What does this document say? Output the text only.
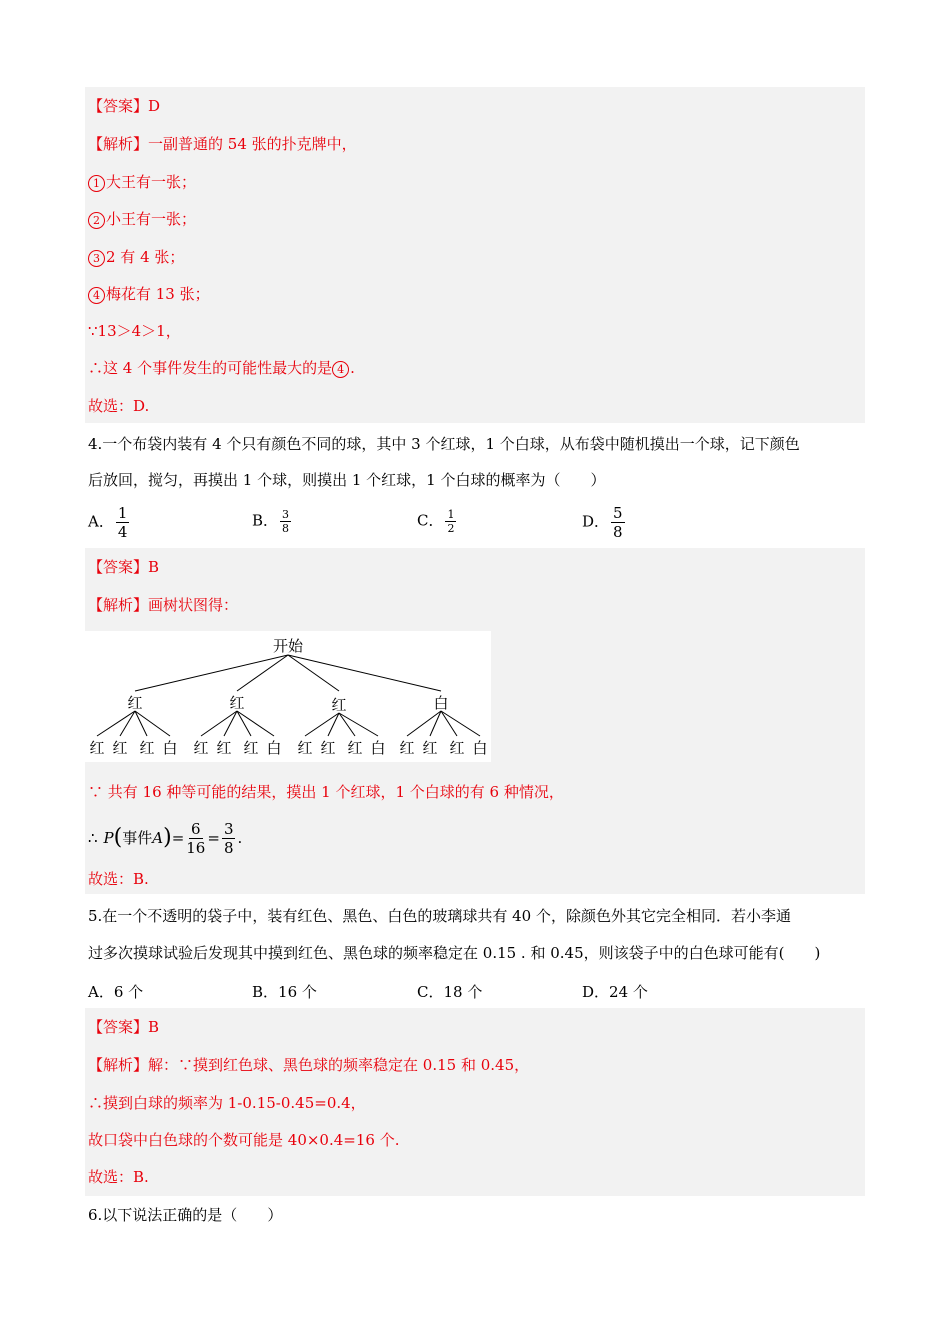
【答案】D
【解析】一副普通的 54 张的扑克牌中，
1 大王有一张；
2 小王有一张；
3 2 有 4 张；
4 梅花有 13 张；
∵13＞4＞1，
∴这 4 个事件发生的可能性最大的是 4 .
故选：D.
4.一个布袋内装有 4 个只有颜色不同的球，其中 3 个红球，1 个白球，从布袋中随机摸出一个球，记下颜色
后放回，搅匀，再摸出 1 个球，则摸出 1 个红球，1 个白球的概率为（　　）
A． $\frac{1}{4}$	B． $\frac{3}{8}$	C． $\frac{1}{2}$	D． $\frac{5}{8}$
【答案】B
【解析】画树状图得：
开始
红	红	红	白
红 红 红 白 红 红 红 白 红 红 红 白 红 红 红 白
∵ 共有 16 种等可能的结果，摸出 1 个红球，1 个白球的有 6 种情况，
∴ P ( 事件 A ) = $\frac{6}{16} = \frac{3}{8}$ .
故选：B.
5.在一个不透明的袋子中，装有红色、黑色、白色的玻璃球共有 40 个，除颜色外其它完全相同．若小李通
过多次摸球试验后发现其中摸到红色、黑色球的频率稳定在 0.15 . 和 0.45，则该袋子中的白色球可能有(　　)
A．6 个	B．16 个	C．18 个	D．24 个
【答案】B
【解析】解：∵摸到红色球、黑色球的频率稳定在 0.15 和 0.45，
∴摸到白球的频率为 1-0.15-0.45=0.4，
故口袋中白色球的个数可能是 40×0.4=16 个.
故选：B.
6.以下说法正确的是（　　）
